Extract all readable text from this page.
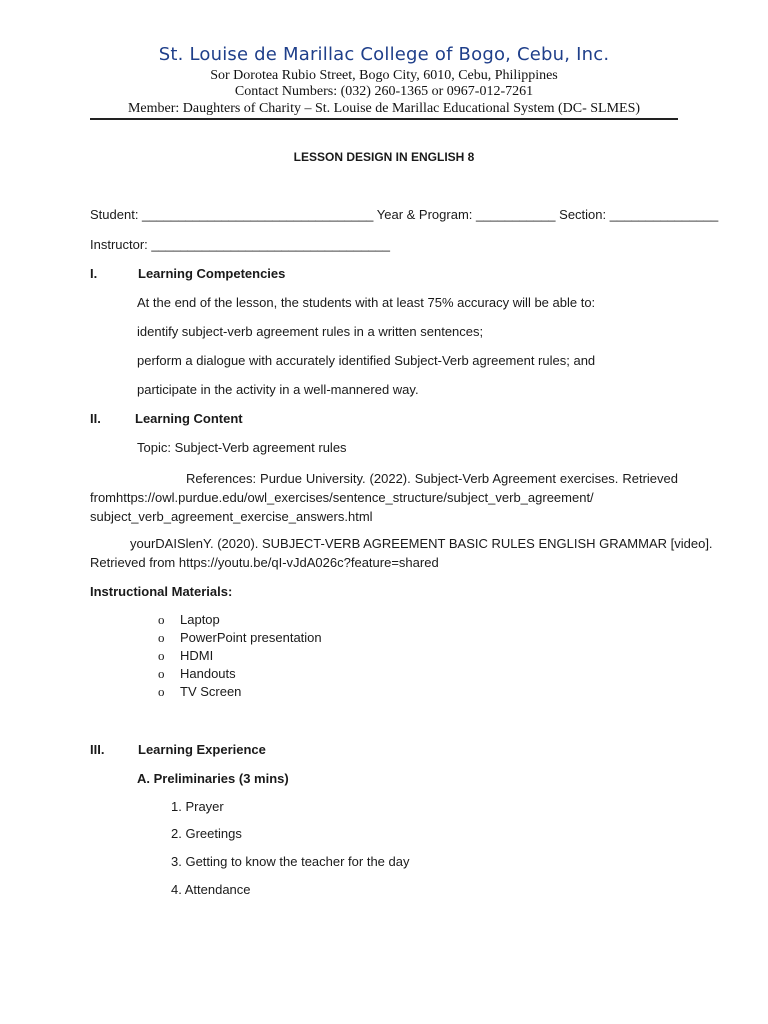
St. Louise de Marillac College of Bogo, Cebu, Inc.
Sor Dorotea Rubio Street, Bogo City, 6010, Cebu, Philippines
Contact Numbers: (032) 260-1365 or 0967-012-7261
Member: Daughters of Charity – St. Louise de Marillac Educational System (DC- SLMES)
LESSON DESIGN IN ENGLISH 8
Student: ________________________________ Year & Program: ___________ Section: _______________
Instructor: _________________________________
I.	Learning Competencies
At the end of the lesson, the students with at least 75% accuracy will be able to:
identify subject-verb agreement rules in a written sentences;
perform a dialogue with accurately identified Subject-Verb agreement rules; and
participate in the activity in a well-mannered way.
II.	Learning Content
Topic: Subject-Verb agreement rules
References: Purdue University. (2022). Subject-Verb Agreement exercises. Retrieved fromhttps://owl.purdue.edu/owl_exercises/sentence_structure/subject_verb_agreement/ subject_verb_agreement_exercise_answers.html
yourDAISlenY. (2020). SUBJECT-VERB AGREEMENT BASIC RULES ENGLISH GRAMMAR [video].
Retrieved from https://youtu.be/qI-vJdA026c?feature=shared
Instructional Materials:
o Laptop
o PowerPoint presentation
o HDMI
o Handouts
o TV Screen
III.	Learning Experience
A. Preliminaries (3 mins)
1. Prayer
2. Greetings
3. Getting to know the teacher for the day
4. Attendance
